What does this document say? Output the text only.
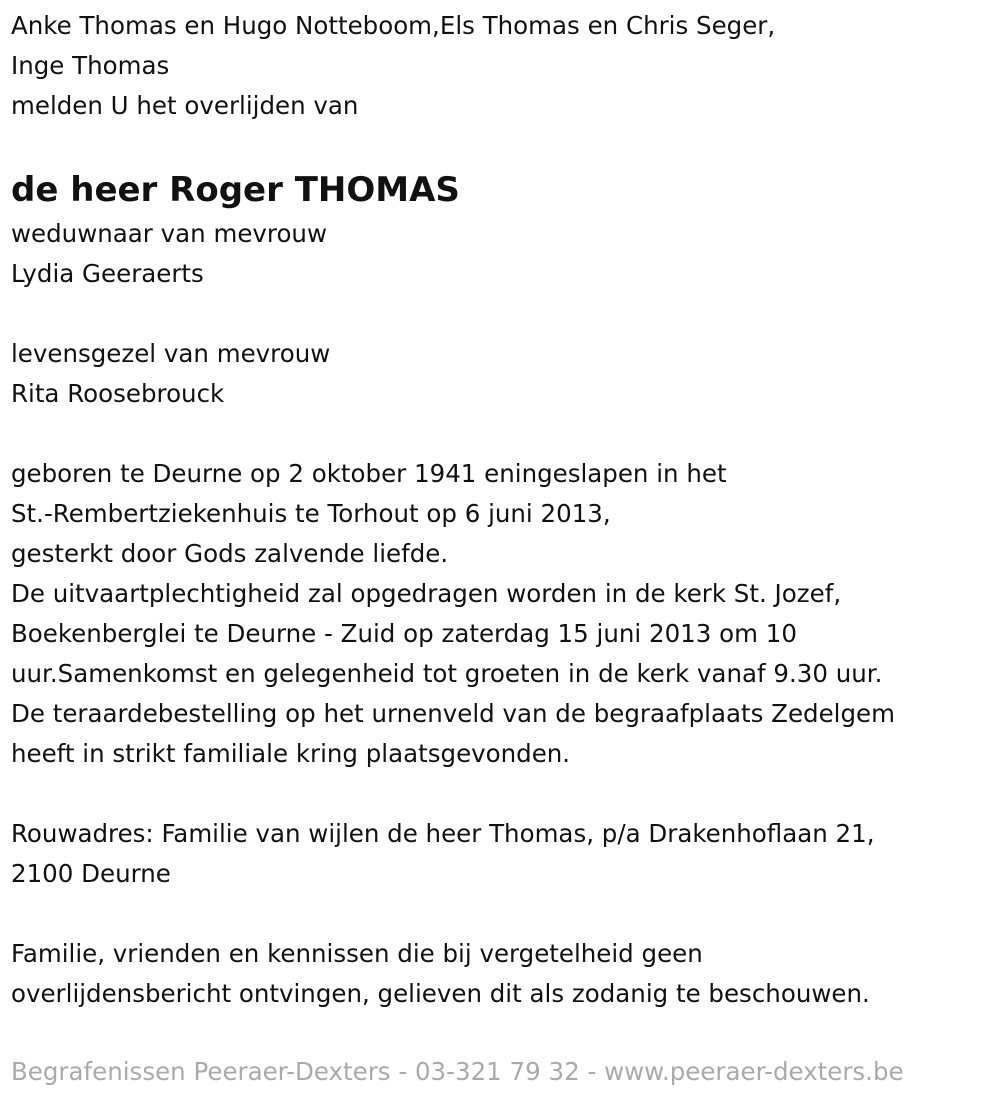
Anke Thomas en Hugo Notteboom,Els Thomas en Chris Seger,
Inge Thomas
melden U het overlijden van
de heer Roger THOMAS
weduwnaar van mevrouw
Lydia Geeraerts
levensgezel van mevrouw
Rita Roosebrouck
geboren te Deurne op 2 oktober 1941 eningeslapen in het
St.-Rembertziekenhuis te Torhout op 6 juni 2013,
gesterkt door Gods zalvende liefde.
De uitvaartplechtigheid zal opgedragen worden in de kerk St. Jozef,
Boekenberglei te Deurne - Zuid op zaterdag 15 juni 2013 om 10
uur.Samenkomst en gelegenheid tot groeten in de kerk vanaf 9.30 uur.
De teraardebestelling op het urnenveld van de begraafplaats Zedelgem
heeft in strikt familiale kring plaatsgevonden.
Rouwadres: Familie van wijlen de heer Thomas, p/a Drakenhoflaan 21,
2100 Deurne
Familie, vrienden en kennissen die bij vergetelheid geen
overlijdensbericht ontvingen, gelieven dit als zodanig te beschouwen.
Begrafenissen Peeraer-Dexters - 03-321 79 32 - www.peeraer-dexters.be
